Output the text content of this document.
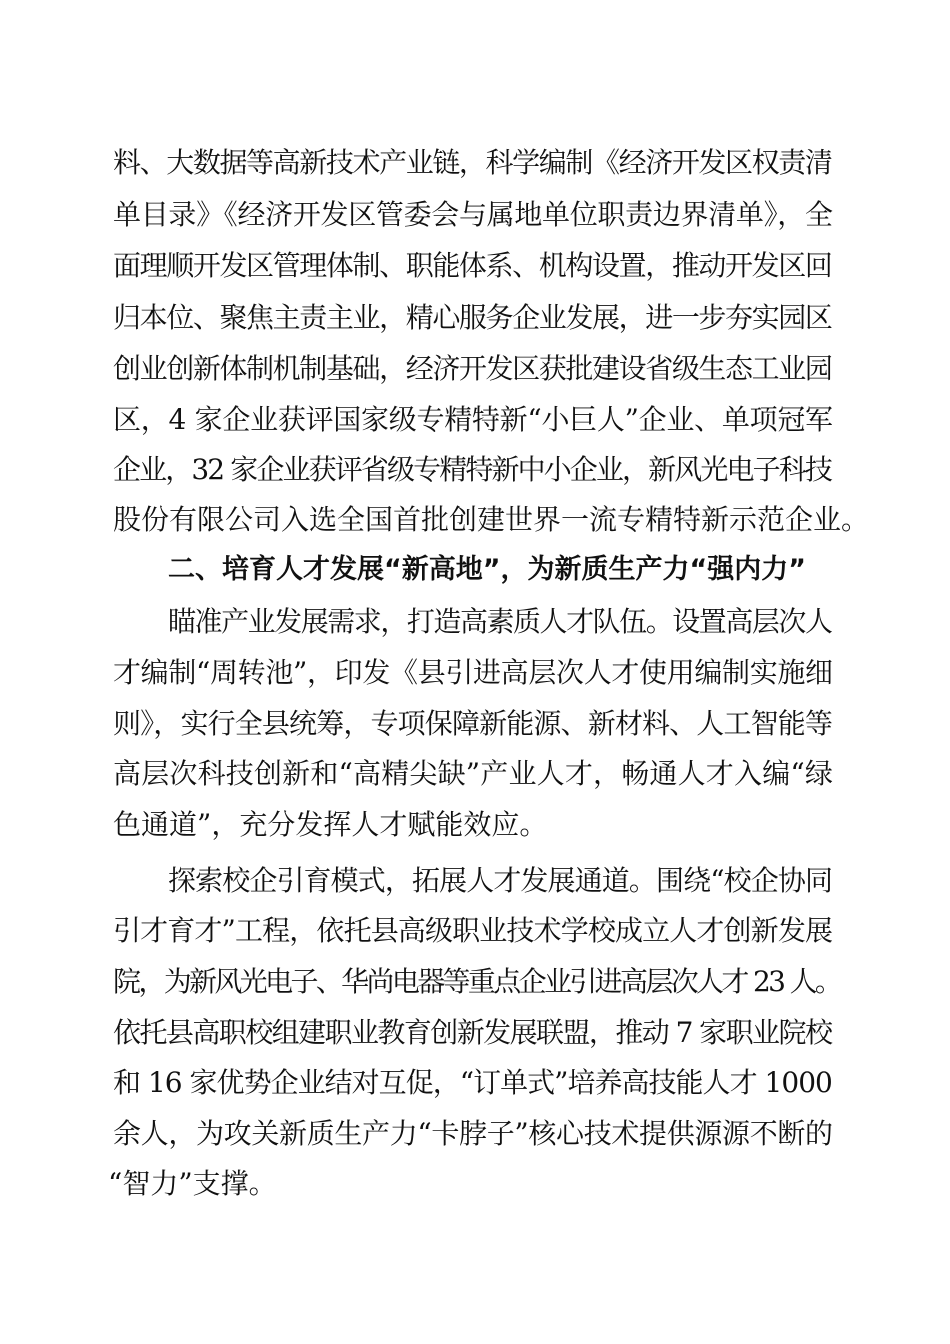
料、大数据等高新技术产业链，科学编制《经济开发区权责清
单目录》《经济开发区管委会与属地单位职责边界清单》，全
面理顺开发区管理体制、职能体系、机构设置，推动开发区回
归本位、聚焦主责主业，精心服务企业发展，进一步夯实园区
创业创新体制机制基础，经济开发区获批建设省级生态工业园
区，4 家企业获评国家级专精特新“小巨人”企业、单项冠军
企业，32 家企业获评省级专精特新中小企业，新风光电子科技
股份有限公司入选全国首批创建世界一流专精特新示范企业。
二、培育人才发展“新高地”，为新质生产力“强内力”
瞄准产业发展需求，打造高素质人才队伍。设置高层次人
才编制“周转池”，印发《县引进高层次人才使用编制实施细
则》，实行全县统筹，专项保障新能源、新材料、人工智能等
高层次科技创新和“高精尖缺”产业人才，畅通人才入编“绿
色通道”，充分发挥人才赋能效应。
探索校企引育模式，拓展人才发展通道。围绕“校企协同
引才育才”工程，依托县高级职业技术学校成立人才创新发展
院，为新风光电子、华尚电器等重点企业引进高层次人才 23 人。
依托县高职校组建职业教育创新发展联盟，推动 7 家职业院校
和 16 家优势企业结对互促，“订单式”培养高技能人才 1000
余人，为攻关新质生产力“卡脖子”核心技术提供源源不断的
“智力”支撑。
